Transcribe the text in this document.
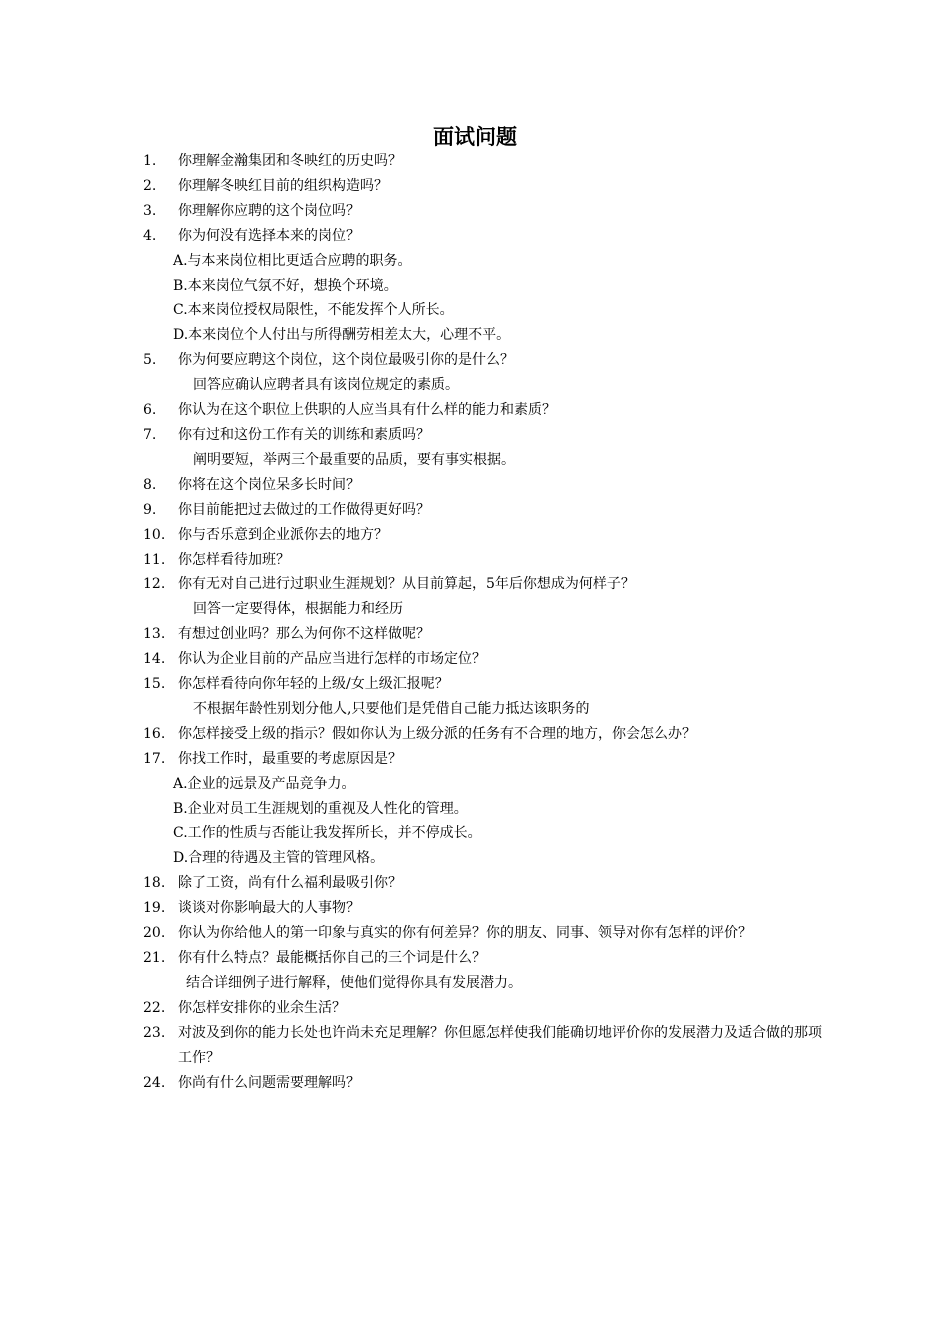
面试问题
1.	你理解金瀚集团和冬映红的历史吗？
2.	你理解冬映红目前的组织构造吗？
3.	你理解你应聘的这个岗位吗？
4.	你为何没有选择本来的岗位？
A.与本来岗位相比更适合应聘的职务。
B.本来岗位气氛不好，想换个环境。
C.本来岗位授权局限性，不能发挥个人所长。
D.本来岗位个人付出与所得酬劳相差太大，心理不平。
5.	你为何要应聘这个岗位，这个岗位最吸引你的是什么？
回答应确认应聘者具有该岗位规定的素质。
6.	你认为在这个职位上供职的人应当具有什么样的能力和素质？
7.	你有过和这份工作有关的训练和素质吗？
阐明要短，举两三个最重要的品质，要有事实根据。
8.	你将在这个岗位呆多长时间？
9.	你目前能把过去做过的工作做得更好吗？
10. 你与否乐意到企业派你去的地方？
11. 你怎样看待加班？
12. 你有无对自己进行过职业生涯规划？从目前算起，5年后你想成为何样子？
回答一定要得体，根据能力和经历
13. 有想过创业吗？那么为何你不这样做呢？
14. 你认为企业目前的产品应当进行怎样的市场定位？
15. 你怎样看待向你年轻的上级/女上级汇报呢？
不根据年龄性别划分他人,只要他们是凭借自己能力抵达该职务的
16. 你怎样接受上级的指示？假如你认为上级分派的任务有不合理的地方，你会怎么办？
17. 你找工作时，最重要的考虑原因是？
A.企业的远景及产品竞争力。
B.企业对员工生涯规划的重视及人性化的管理。
C.工作的性质与否能让我发挥所长，并不停成长。
D.合理的待遇及主管的管理风格。
18. 除了工资，尚有什么福利最吸引你？
19. 谈谈对你影响最大的人事物？
20. 你认为你给他人的第一印象与真实的你有何差异？你的朋友、同事、领导对你有怎样的评价？
21. 你有什么特点？最能概括你自己的三个词是什么？
结合详细例子进行解释，使他们觉得你具有发展潜力。
22. 你怎样安排你的业余生活？
23. 对波及到你的能力长处也许尚未充足理解？你但愿怎样使我们能确切地评价你的发展潜力及适合做的那项工作？
24. 你尚有什么问题需要理解吗？
